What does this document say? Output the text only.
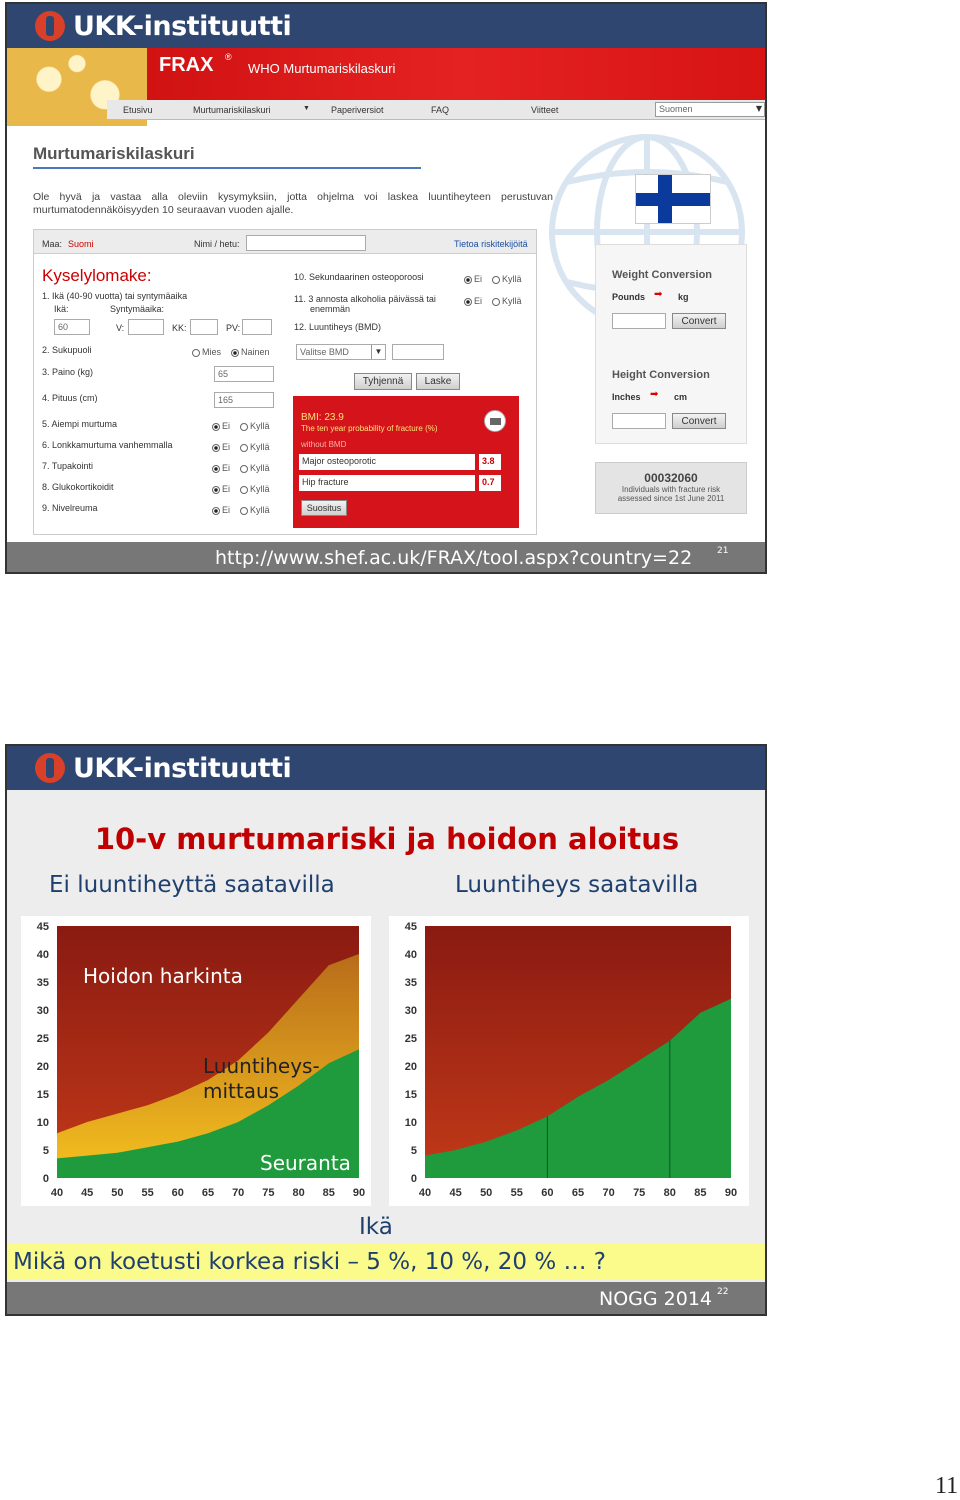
UKK-instituutti
FRAX ®
WHO Murtumariskilaskuri
Etusivu	Murtumariskilaskuri	▼ Paperiversiot	FAQ	Viitteet	Suomen	▼
Murtumariskilaskuri
Ole hyvä ja vastaa alla oleviin kysymyksiin, jotta ohjelma voi laskea luuntiheyteen perustuvan murtumatodennäköisyyden 10 seuraavan vuoden ajalle.
Maa: Suomi	Nimi / hetu:	Tietoa riskitekijöitä
Kyselylomake:
1. Ikä (40-90 vuotta) tai syntymäaika
Ikä:	Syntymäaika:
60	V:	KK:	PV:
2. Sukupuoli	Mies	Nainen
3. Paino (kg)	65
4. Pituus (cm)	165
5. Aiempi murtuma	Ei	Kyllä
6. Lonkkamurtuma vanhemmalla	Ei	Kyllä
7. Tupakointi	Ei	Kyllä
8. Glukokortikoidit	Ei	Kyllä
9. Nivelreuma	Ei	Kyllä
10. Sekundaarinen osteoporoosi	Ei	Kyllä
11. 3 annosta alkoholia päivässä tai
enemmän
Ei	Kyllä
12. Luuntiheys (BMD)
Valitse BMD	▼
Tyhjennä	Laske
BMI: 23.9
The ten year probability of fracture (%)
without BMD
Major osteoporotic	3.8
Hip fracture	0.7
Suositus
Weight Conversion
Pounds ➡ kg
Convert
Height Conversion
Inches ➡ cm
Convert
00032060
Individuals with fracture risk
assessed since 1st June 2011
http://www.shef.ac.uk/FRAX/tool.aspx?country=22	21
UKK-instituutti
10-v murtumariski ja hoidon aloitus
Ei luuntiheyttä saatavilla	Luuntiheys saatavilla
0
5
10
15
20
25
30
35
40
45
40 45 50 55 60 65 70 75 80 85 90
0
5
10
15
20
25
30
35
40
45
40 45 50 55 60 65 70 75 80 85 90
Hoidon harkinta
Luuntiheys-
mittaus
Seuranta
Ikä
Mikä on koetusti korkea riski – 5 %, 10 %, 20 % … ?
NOGG 2014 22
11
